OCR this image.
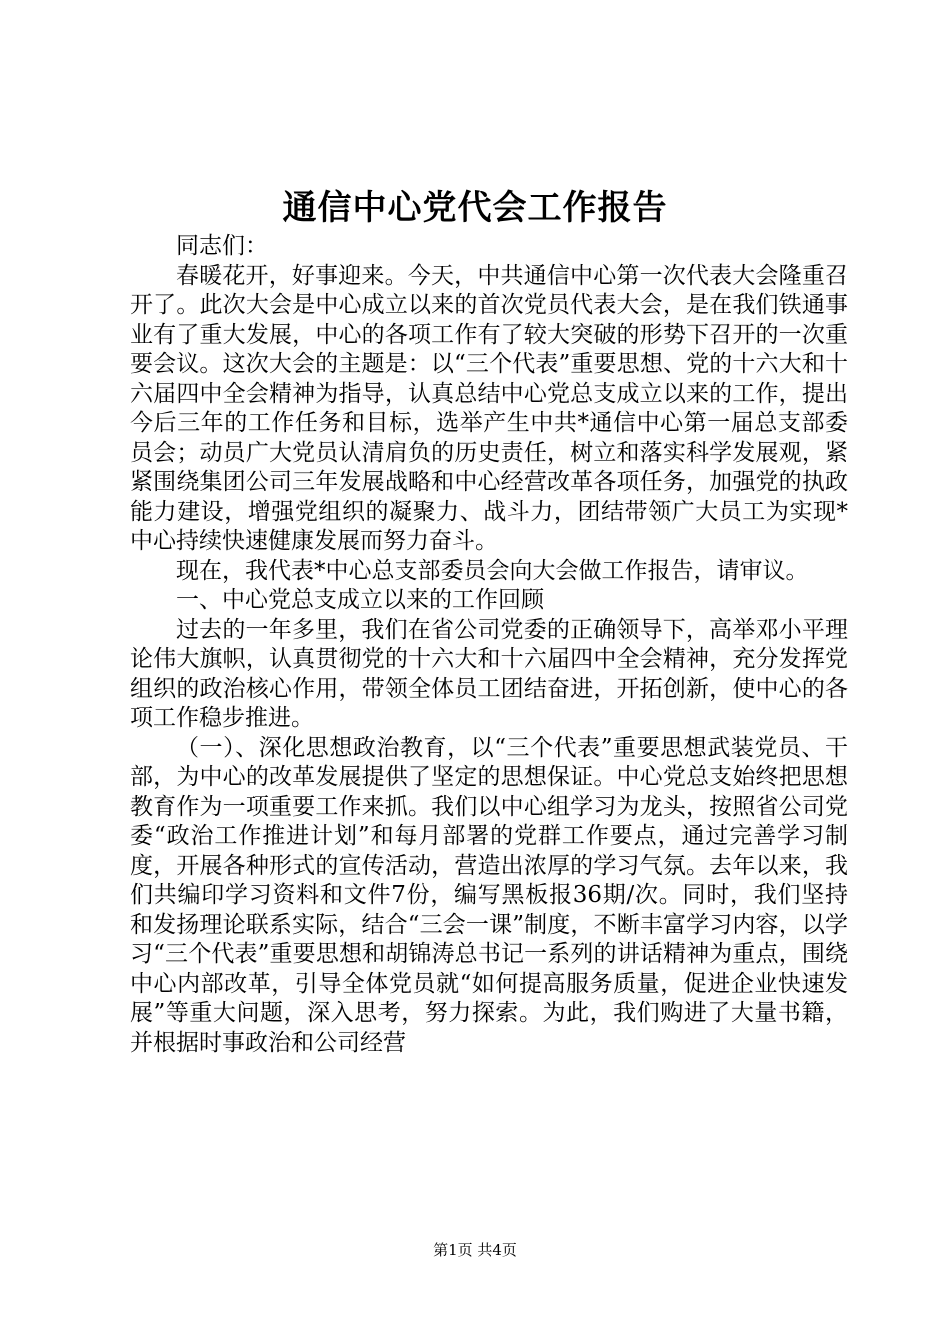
通信中心党代会工作报告

同志们：

春暖花开，好事迎来。今天，中共通信中心第一次代表大会隆重召开了。此次大会是中心成立以来的首次党员代表大会，是在我们铁通事业有了重大发展，中心的各项工作有了较大突破的形势下召开的一次重要会议。这次大会的主题是：以“三个代表”重要思想、党的十六大和十六届四中全会精神为指导，认真总结中心党总支成立以来的工作，提出今后三年的工作任务和目标，选举产生中共*通信中心第一届总支部委员会；动员广大党员认清肩负的历史责任，树立和落实科学发展观，紧紧围绕集团公司三年发展战略和中心经营改革各项任务，加强党的执政能力建设，增强党组织的凝聚力、战斗力，团结带领广大员工为实现*中心持续快速健康发展而努力奋斗。

现在，我代表*中心总支部委员会向大会做工作报告，请审议。

一、中心党总支成立以来的工作回顾

过去的一年多里，我们在省公司党委的正确领导下，高举邓小平理论伟大旗帜，认真贯彻党的十六大和十六届四中全会精神，充分发挥党组织的政治核心作用，带领全体员工团结奋进，开拓创新，使中心的各项工作稳步推进。

（一）、深化思想政治教育，以“三个代表”重要思想武装党员、干部，为中心的改革发展提供了坚定的思想保证。中心党总支始终把思想教育作为一项重要工作来抓。我们以中心组学习为龙头，按照省公司党委“政治工作推进计划”和每月部署的党群工作要点，通过完善学习制度，开展各种形式的宣传活动，营造出浓厚的学习气氛。去年以来，我们共编印学习资料和文件7份，编写黑板报36期/次。同时，我们坚持和发扬理论联系实际，结合“三会一课”制度，不断丰富学习内容，以学习“三个代表”重要思想和胡锦涛总书记一系列的讲话精神为重点，围绕中心内部改革，引导全体党员就“如何提高服务质量，促进企业快速发展”等重大问题，深入思考，努力探索。为此，我们购进了大量书籍，并根据时事政治和公司经营

第1页 共4页
